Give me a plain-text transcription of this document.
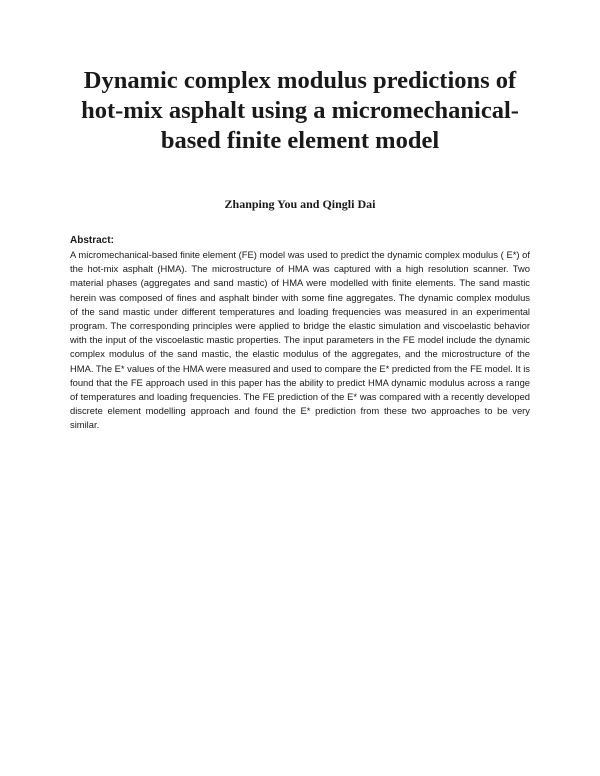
Dynamic complex modulus predictions of
hot-mix asphalt using a micromechanical-
based finite element model
Zhanping You and Qingli Dai

Abstract:

A micromechanical-based finite element (FE) model was used to predict the dynamic complex modulus ( E*) of the hot-mix asphalt (HMA). The microstructure of HMA was captured with a high resolution scanner. Two material phases (aggregates and sand mastic) of HMA were modelled with finite elements. The sand mastic herein was composed of fines and asphalt binder with some fine aggregates. The dynamic complex modulus of the sand mastic under different temperatures and loading frequencies was measured in an experimental program. The corresponding principles were applied to bridge the elastic simulation and viscoelastic behavior with the input of the viscoelastic mastic properties. The input parameters in the FE model include the dynamic complex modulus of the sand mastic, the elastic modulus of the aggregates, and the microstructure of the HMA. The E* values of the HMA were measured and used to compare the E* predicted from the FE model. It is found that the FE approach used in this paper has the ability to predict HMA dynamic modulus across a range of temperatures and loading frequencies. The FE prediction of the E* was compared with a recently developed discrete element modelling approach and found the E* prediction from these two approaches to be very similar.
